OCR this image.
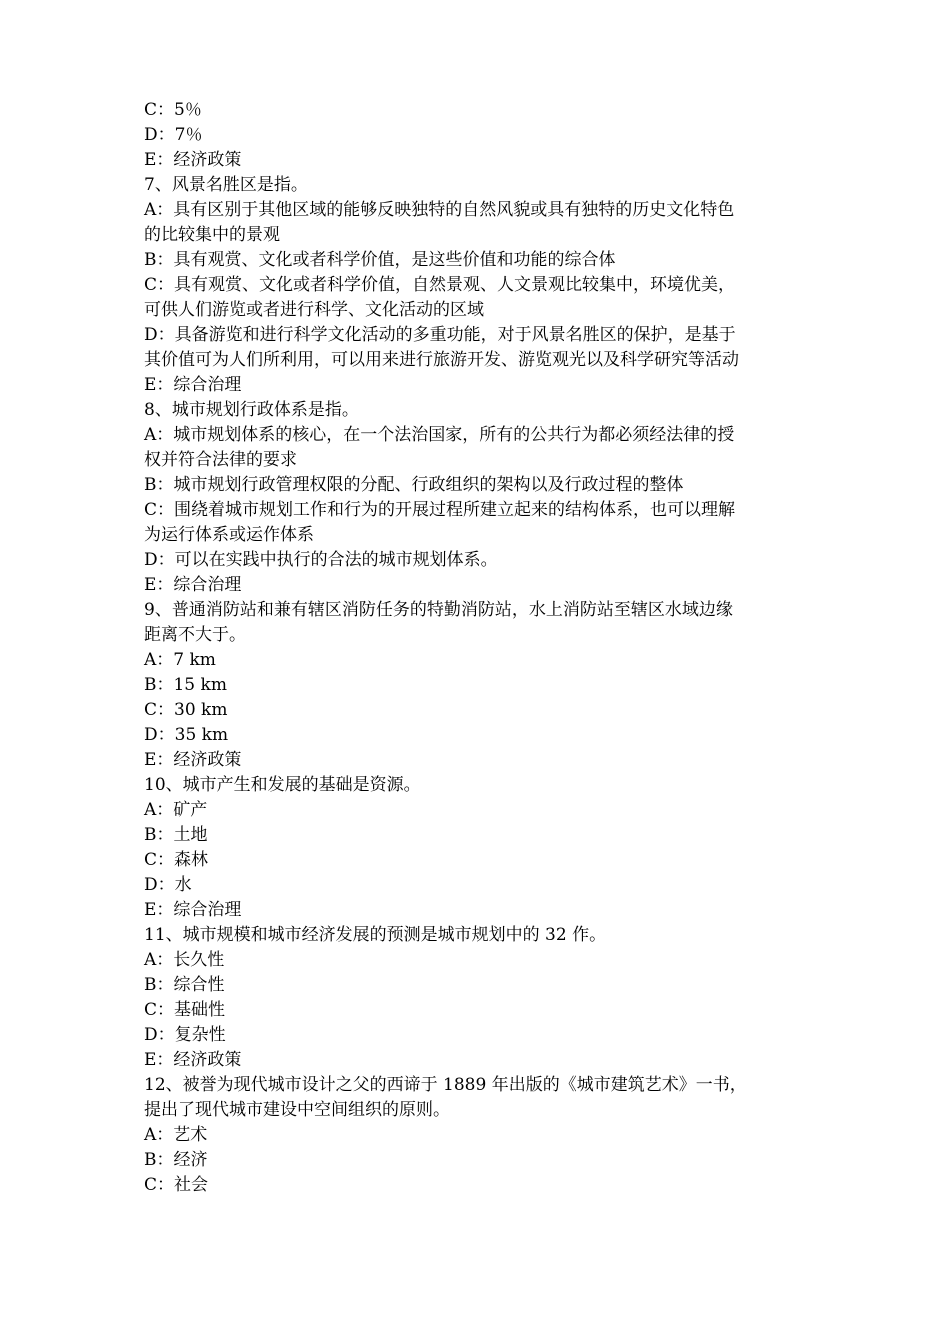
C：5％
D：7％
E：经济政策
7、风景名胜区是指。
A：具有区别于其他区域的能够反映独特的自然风貌或具有独特的历史文化特色
的比较集中的景观
B：具有观赏、文化或者科学价值，是这些价值和功能的综合体
C：具有观赏、文化或者科学价值，自然景观、人文景观比较集中，环境优美，
可供人们游览或者进行科学、文化活动的区域
D：具备游览和进行科学文化活动的多重功能，对于风景名胜区的保护，是基于
其价值可为人们所利用，可以用来进行旅游开发、游览观光以及科学研究等活动
E：综合治理
8、城市规划行政体系是指。
A：城市规划体系的核心，在一个法治国家，所有的公共行为都必须经法律的授
权并符合法律的要求
B：城市规划行政管理权限的分配、行政组织的架构以及行政过程的整体
C：围绕着城市规划工作和行为的开展过程所建立起来的结构体系，也可以理解
为运行体系或运作体系
D：可以在实践中执行的合法的城市规划体系。
E：综合治理
9、普通消防站和兼有辖区消防任务的特勤消防站，水上消防站至辖区水域边缘
距离不大于。
A：7 km
B：15 km
C：30 km
D：35 km
E：经济政策
10、城市产生和发展的基础是资源。
A：矿产
B：土地
C：森林
D：水
E：综合治理
11、城市规模和城市经济发展的预测是城市规划中的 32 作。
A：长久性
B：综合性
C：基础性
D：复杂性
E：经济政策
12、被誉为现代城市设计之父的西谛于 1889 年出版的《城市建筑艺术》一书，
提出了现代城市建设中空间组织的原则。
A：艺术
B：经济
C：社会
